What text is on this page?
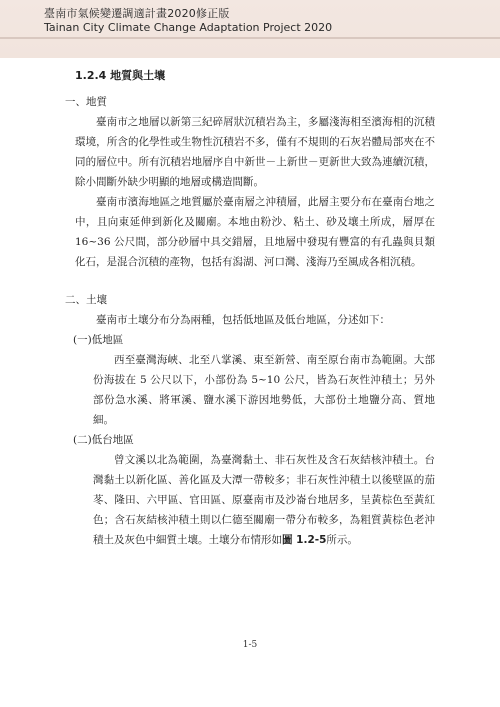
臺南市氣候變遷調適計畫2020修正版
Tainan City Climate Change Adaptation Project 2020
1.2.4 地質與土壤
一、地質

臺南市之地層以新第三紀碎屑狀沉積岩為主，多屬淺海相至濱海相的沉積環境，所含的化學性或生物性沉積岩不多，僅有不規則的石灰岩體局部夾在不同的層位中。所有沉積岩地層序自中新世－上新世－更新世大致為連續沉積，除小間斷外缺少明顯的地層或構造間斷。

臺南市濱海地區之地質屬於臺南層之沖積層，此層主要分布在臺南台地之中，且向東延伸到新化及關廟。本地由粉沙、粘土、砂及壤土所成，層厚在 16~36 公尺間，部分砂層中具交錯層，且地層中發現有豐富的有孔蟲與貝類化石，是混合沉積的產物，包括有潟湖、河口灣、淺海乃至風成各相沉積。

二、土壤

臺南市土壤分布分為兩種，包括低地區及低台地區，分述如下：

(一)低地區

西至臺灣海峽、北至八掌溪、東至新營、南至原台南市為範圍。大部份海拔在 5 公尺以下，小部份為 5~10 公尺，皆為石灰性沖積土；另外部份急水溪、將軍溪、鹽水溪下游因地勢低，大部份土地鹽分高、質地細。

(二)低台地區

曾文溪以北為範圍，為臺灣黏土、非石灰性及含石灰結核沖積土。台灣黏土以新化區、善化區及大潭一帶較多；非石灰性沖積土以後壁區的茄苳、隆田、六甲區、官田區、原臺南市及沙崙台地居多，呈黃棕色至黃紅色；含石灰結核沖積土則以仁德至關廟一帶分布較多，為粗質黃棕色老沖積土及灰色中細質土壤。土壤分布情形如圖 1.2-5所示。

1-5
